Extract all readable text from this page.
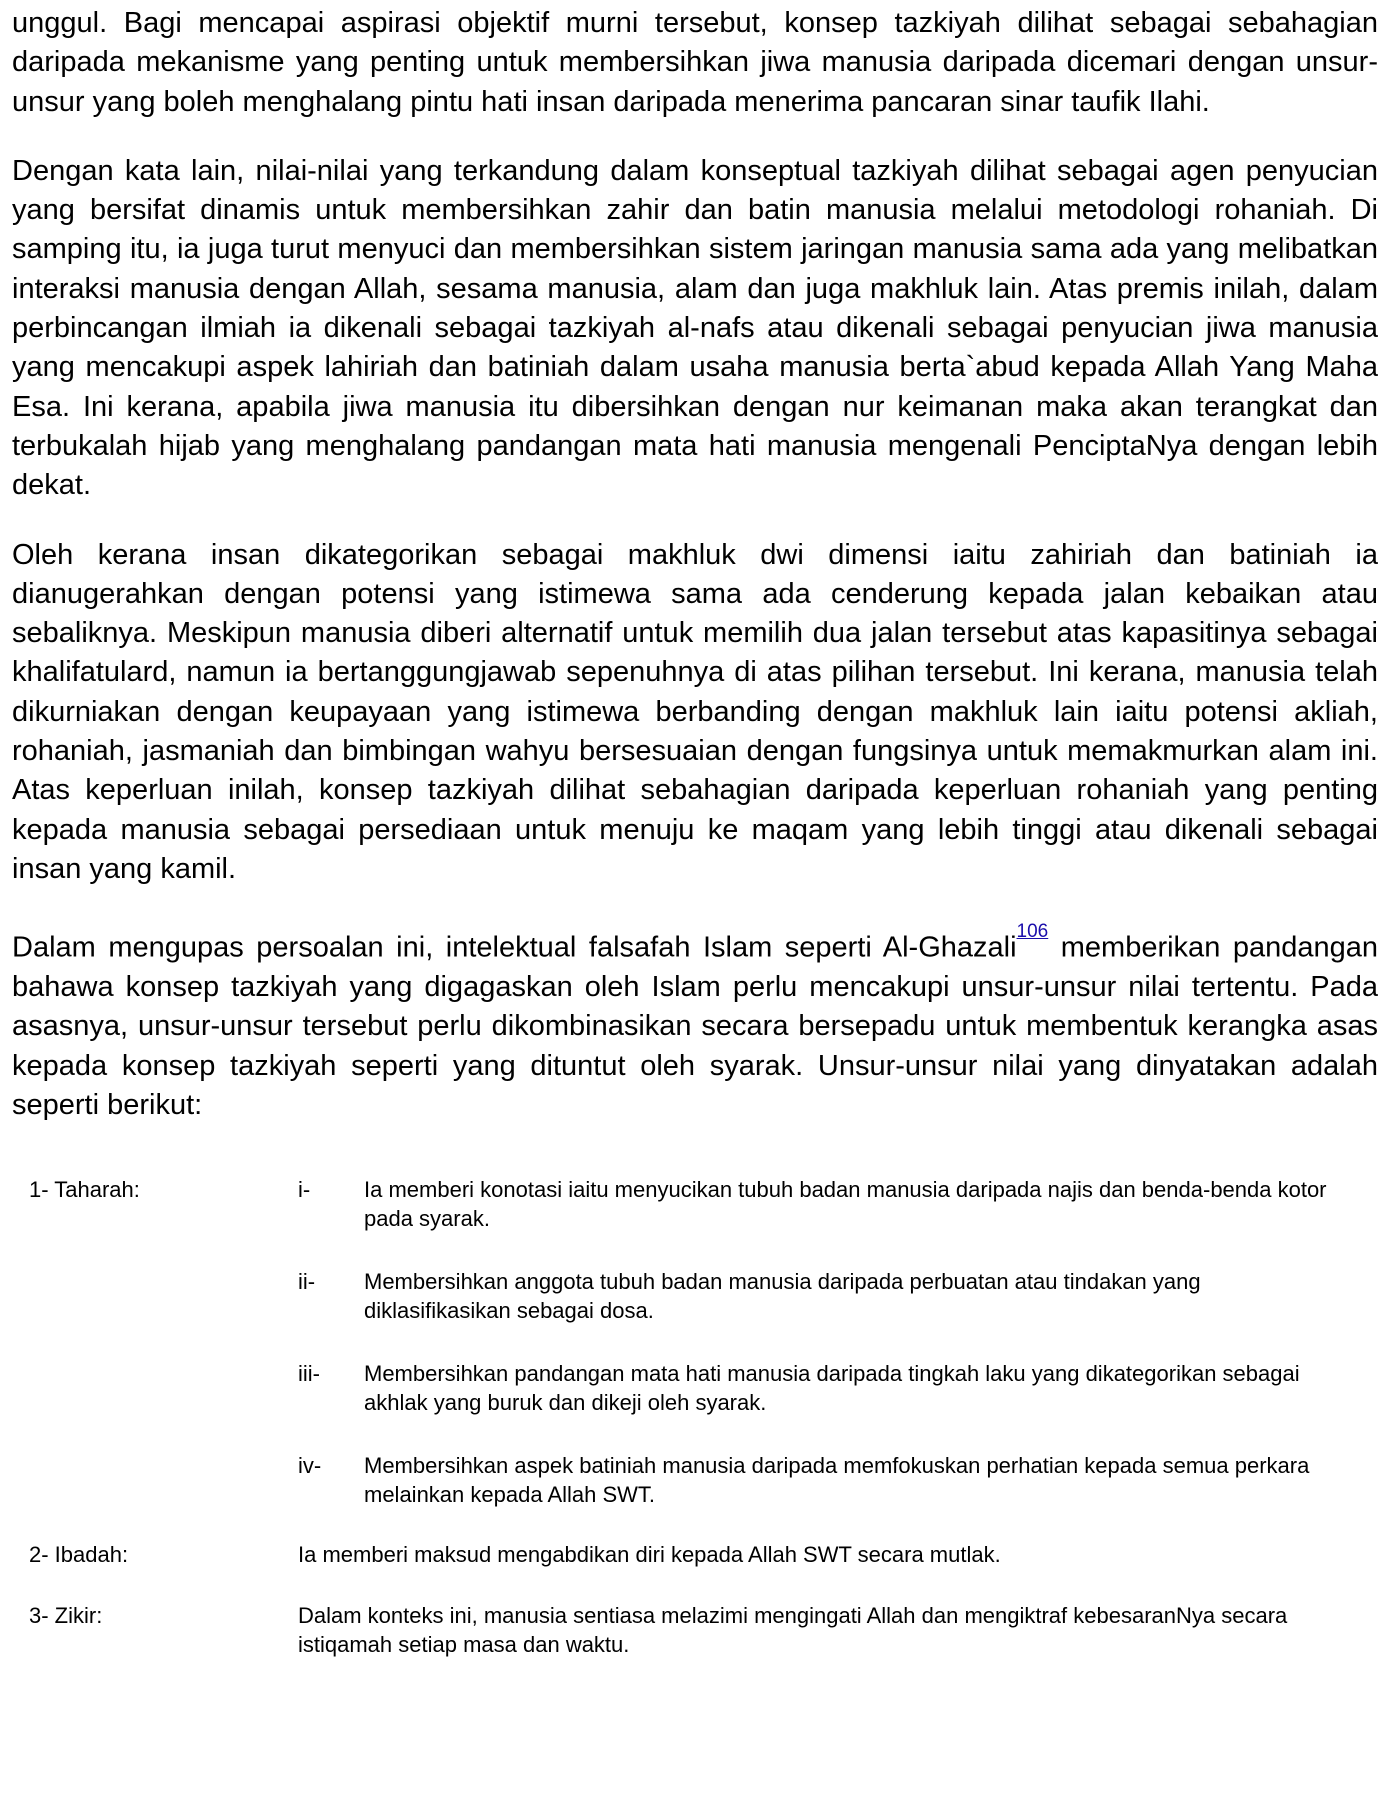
unggul. Bagi mencapai aspirasi objektif murni tersebut, konsep tazkiyah dilihat sebagai sebahagian daripada mekanisme yang penting untuk membersihkan jiwa manusia daripada dicemari dengan unsur-unsur yang boleh menghalang pintu hati insan daripada menerima pancaran sinar taufik Ilahi.

Dengan kata lain, nilai-nilai yang terkandung dalam konseptual tazkiyah dilihat sebagai agen penyucian yang bersifat dinamis untuk membersihkan zahir dan batin manusia melalui metodologi rohaniah. Di samping itu, ia juga turut menyuci dan membersihkan sistem jaringan manusia sama ada yang melibatkan interaksi manusia dengan Allah, sesama manusia, alam dan juga makhluk lain. Atas premis inilah, dalam perbincangan ilmiah ia dikenali sebagai tazkiyah al-nafs atau dikenali sebagai penyucian jiwa manusia yang mencakupi aspek lahiriah dan batiniah dalam usaha manusia berta`abud kepada Allah Yang Maha Esa. Ini kerana, apabila jiwa manusia itu dibersihkan dengan nur keimanan maka akan terangkat dan terbukalah hijab yang menghalang pandangan mata hati manusia mengenali PenciptaNya dengan lebih dekat.

Oleh kerana insan dikategorikan sebagai makhluk dwi dimensi iaitu zahiriah dan batiniah ia dianugerahkan dengan potensi yang istimewa sama ada cenderung kepada jalan kebaikan atau sebaliknya. Meskipun manusia diberi alternatif untuk memilih dua jalan tersebut atas kapasitinya sebagai khalifatulard, namun ia bertanggungjawab sepenuhnya di atas pilihan tersebut. Ini kerana, manusia telah dikurniakan dengan keupayaan yang istimewa berbanding dengan makhluk lain iaitu potensi akliah, rohaniah, jasmaniah dan bimbingan wahyu bersesuaian dengan fungsinya untuk memakmurkan alam ini. Atas keperluan inilah, konsep tazkiyah dilihat sebahagian daripada keperluan rohaniah yang penting kepada manusia sebagai persediaan untuk menuju ke maqam yang lebih tinggi atau dikenali sebagai insan yang kamil.

Dalam mengupas persoalan ini, intelektual falsafah Islam seperti Al-Ghazali$^{^{106}}$ memberikan pandangan bahawa konsep tazkiyah yang digagaskan oleh Islam perlu mencakupi unsur-unsur nilai tertentu. Pada asasnya, unsur-unsur tersebut perlu dikombinasikan secara bersepadu untuk membentuk kerangka asas kepada konsep tazkiyah seperti yang dituntut oleh syarak. Unsur-unsur nilai yang dinyatakan adalah seperti berikut:

1- Taharah:	i-	Ia memberi konotasi iaitu menyucikan tubuh badan manusia daripada najis dan benda-benda kotor pada syarak.
ii-	Membersihkan anggota tubuh badan manusia daripada perbuatan atau tindakan yang diklasifikasikan sebagai dosa.
iii-	Membersihkan pandangan mata hati manusia daripada tingkah laku yang dikategorikan sebagai akhlak yang buruk dan dikeji oleh syarak.
iv-	Membersihkan aspek batiniah manusia daripada memfokuskan perhatian kepada semua perkara melainkan kepada Allah SWT.
2- Ibadah:	Ia memberi maksud mengabdikan diri kepada Allah SWT secara mutlak.
3- Zikir:	Dalam konteks ini, manusia sentiasa melazimi mengingati Allah dan mengiktraf kebesaranNya secara istiqamah setiap masa dan waktu.
